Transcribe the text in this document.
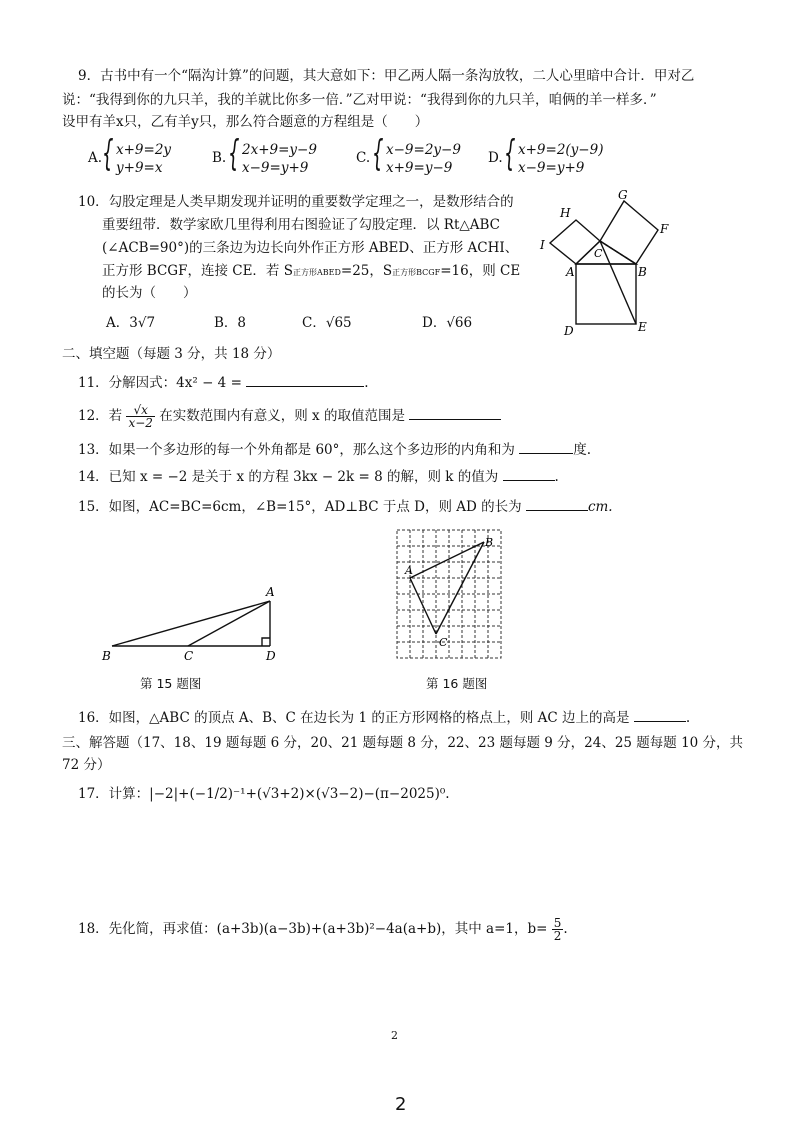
9．古书中有一个“隔沟计算”的问题，其大意如下：甲乙两人隔一条沟放牧，二人心里暗中合计．甲对乙
说：“我得到你的九只羊，我的羊就比你多一倍．”乙对甲说：“我得到你的九只羊，咱俩的羊一样多．”
设甲有羊x只，乙有羊y只，那么符合题意的方程组是（　　）
A. { x+9=2y
y+9=x
B. { 2x+9=y−9
x−9=y+9
C. { x−9=2y−9
x+9=y−9
D. { x+9=2(y−9)
x−9=y+9
10．勾股定理是人类早期发现并证明的重要数学定理之一，是数形结合的
重要纽带．数学家欧几里得利用右图验证了勾股定理．以 Rt△ABC
(∠ACB=90°)的三条边为边长向外作正方形 ABED、正方形 ACHI、
正方形 BCGF，连接 CE．若 S正方形ABED=25，S正方形BCGF=16，则 CE
的长为（　　）
A．3√7	B．8	C．√65	D．√66
H
G
F
I
A	B
C
D	E
二、填空题（每题 3 分，共 18 分）
11．分解因式：4x² − 4 =	.
12．若 $\frac{√x}{x-2}$ 在实数范围内有意义，则 x 的取值范围是
13．如果一个多边形的每一个外角都是 60°，那么这个多边形的内角和为	度.
14．已知 x = −2 是关于 x 的方程 3kx − 2k = 8 的解，则 k 的值为	.
15．如图，AC=BC=6cm，∠B=15°，AD⊥BC 于点 D，则 AD 的长为	cm.
A
B	C	D
第 15 题图
A
B
C
第 16 题图
16．如图，△ABC 的顶点 A、B、C 在边长为 1 的正方形网格的格点上，则 AC 边上的高是	.
三、解答题（17、18、19 题每题 6 分，20、21 题每题 8 分，22、23 题每题 9 分，24、25 题每题 10 分，共
72 分）
17．计算：|−2|+(−1/2)⁻¹+(√3+2)×(√3−2)−(π−2025)⁰.
18．先化简，再求值：(a+3b)(a−3b)+(a+3b)²−4a(a+b)，其中 a=1，$b= \frac{5}{2}$ .
2
2
